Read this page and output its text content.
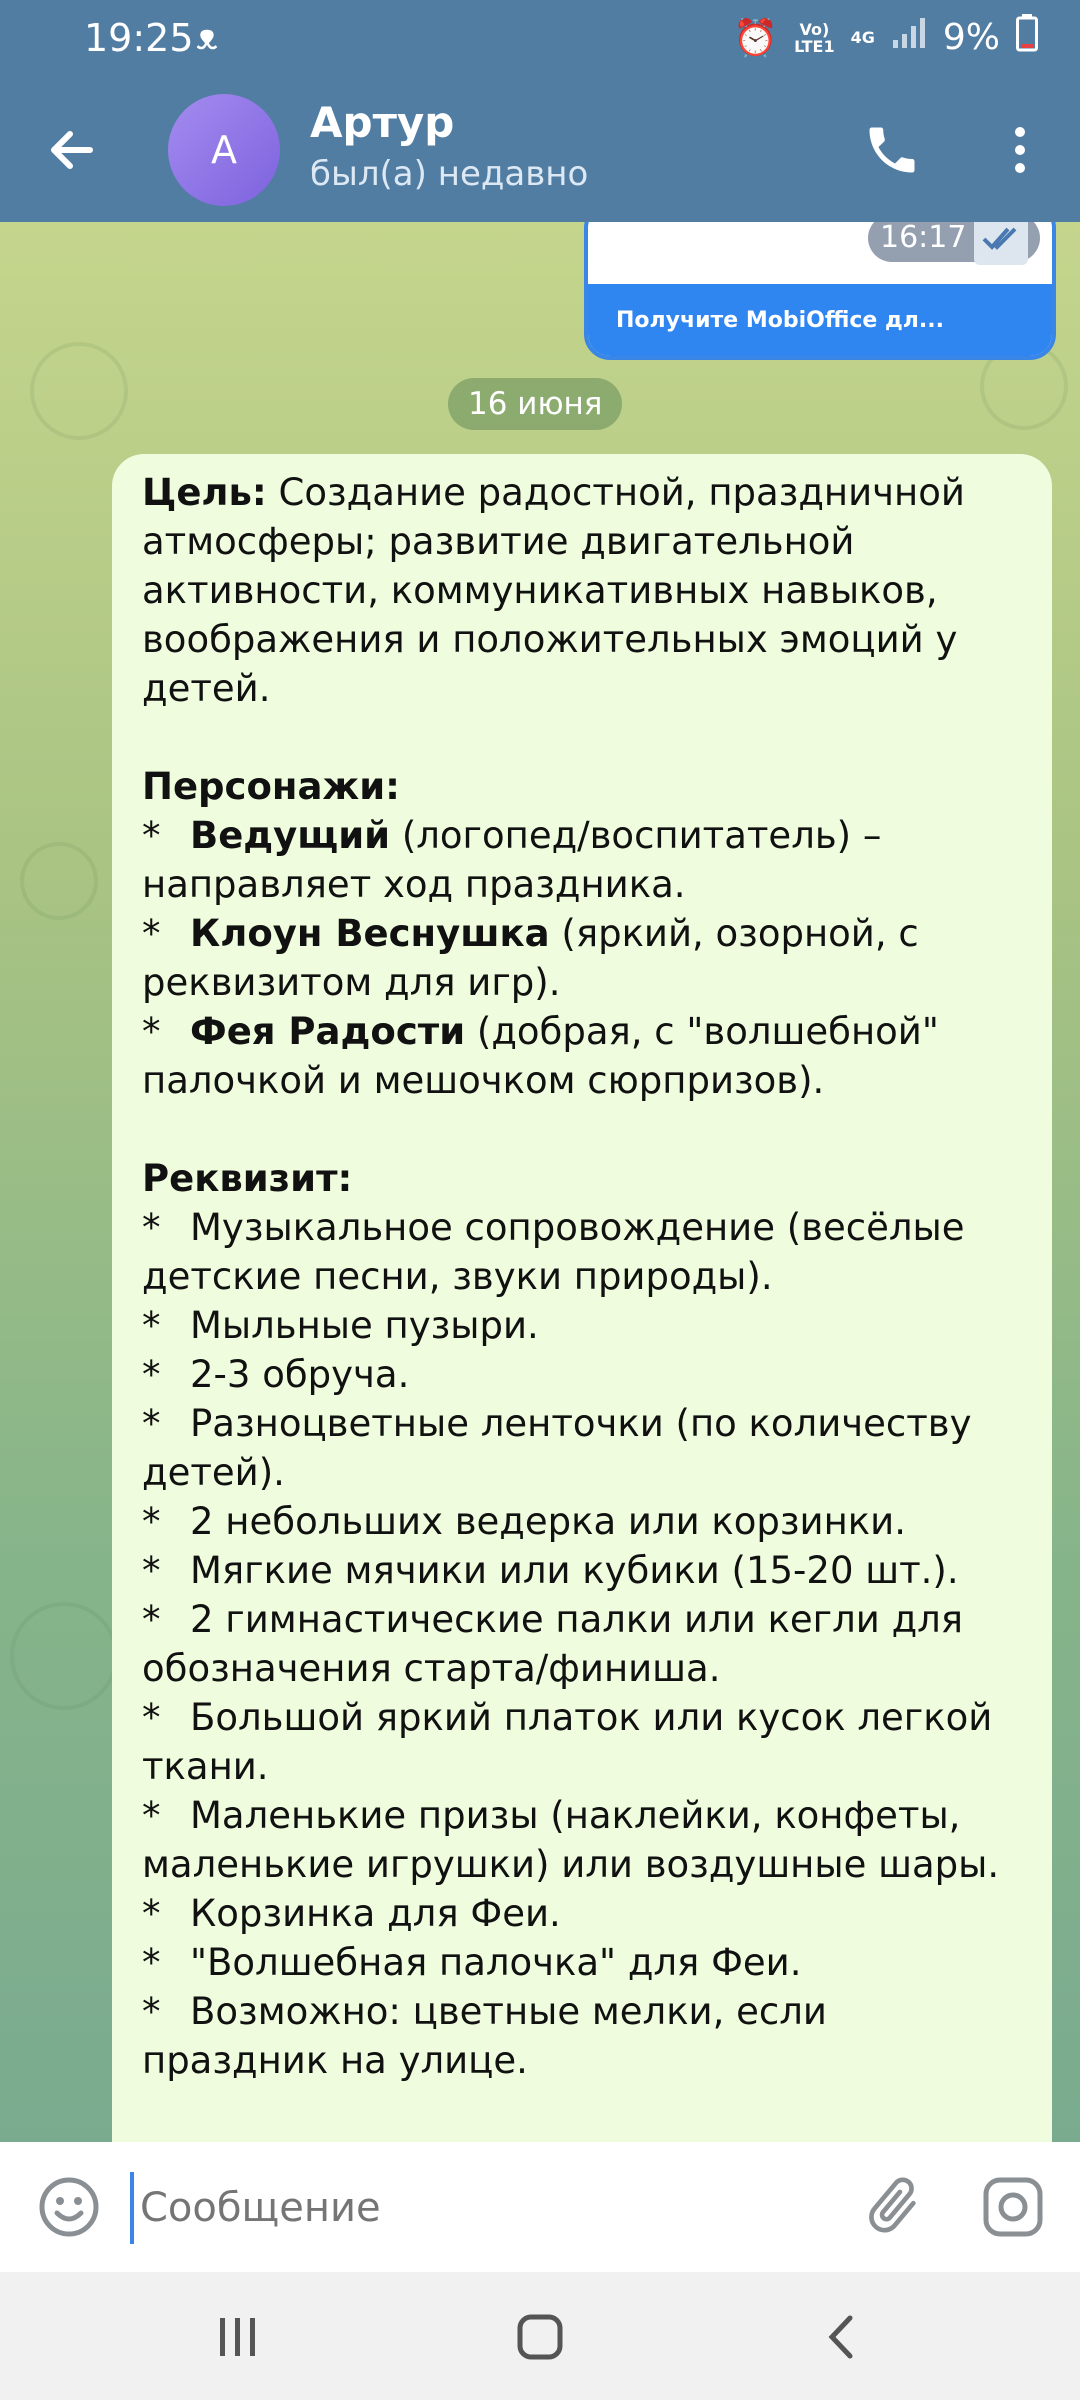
19:25 ᴥ	⏰	Vo)
LTE1 4G 9%
А
Артур
был(а) недавно
Получите MobiOffice дл...
16:17
16 июня

Цель: Создание радостной, праздничной атмосферы; развитие двигательной активности, коммуникативных навыков, воображения и положительных эмоций у детей.

Персонажи:

* Ведущий (логопед/воспитатель) – направляет ход праздника.
* Клоун Веснушка (яркий, озорной, с реквизитом для игр).
* Фея Радости (добрая, с "волшебной" палочкой и мешочком сюрпризов).

Реквизит:

* Музыкальное сопровождение (весёлые детские песни, звуки природы).
* Мыльные пузыри.
* 2-3 обруча.
* Разноцветные ленточки (по количеству детей).
* 2 небольших ведерка или корзинки.
* Мягкие мячики или кубики (15-20 шт.).
* 2 гимнастические палки или кегли для обозначения старта/финиша.
* Большой яркий платок или кусок легкой ткани.
* Маленькие призы (наклейки, конфеты, маленькие игрушки) или воздушные шары.
* Корзинка для Феи.
* "Волшебная палочка" для Феи.
* Возможно: цветные мелки, если праздник на улице.
Сообщение
